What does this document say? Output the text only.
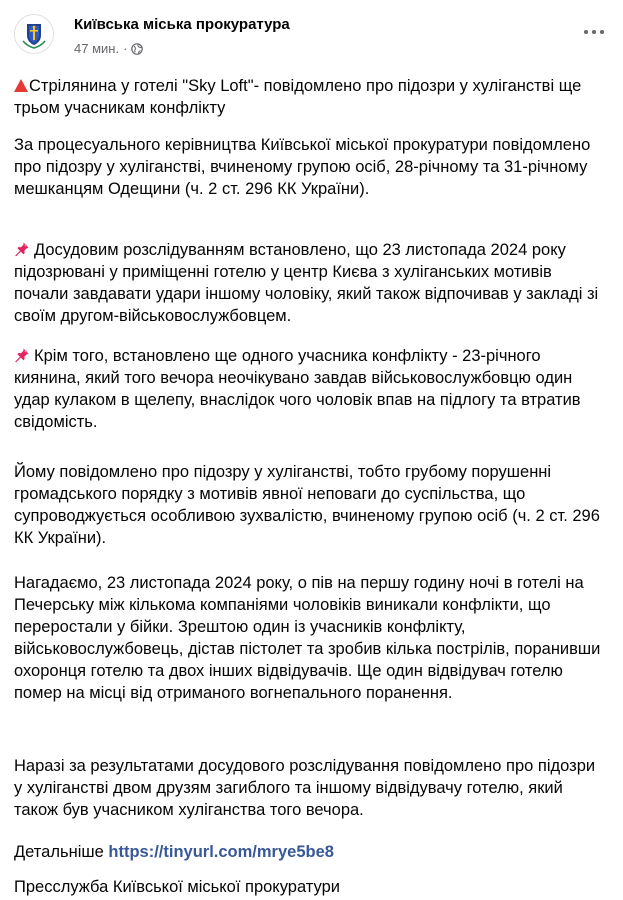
Київська міська прокуратура
47 мин. ·

Стрілянина у готелі "Sky Loft"- повідомлено про підозри у хуліганстві ще трьом учасникам конфлікту

За процесуального керівництва Київської міської прокуратури повідомлено про підозру у хуліганстві, вчиненому групою осіб, 28-річному та 31-річному мешканцям Одещини (ч. 2 ст. 296 КК України).

Досудовим розслідуванням встановлено, що 23 листопада 2024 року підозрювані у приміщенні готелю у центр Києва з хуліганських мотивів почали завдавати удари іншому чоловіку, який також відпочивав у закладі зі своїм другом-військовослужбовцем.

Крім того, встановлено ще одного учасника конфлікту - 23-річного киянина, який того вечора неочікувано завдав військовослужбовцю один удар кулаком в щелепу, внаслідок чого чоловік впав на підлогу та втратив свідомість.

Йому повідомлено про підозру у хуліганстві, тобто грубому порушенні громадського порядку з мотивів явної неповаги до суспільства, що супроводжується особливою зухвалістю, вчиненому групою осіб (ч. 2 ст. 296 КК України).

Нагадаємо, 23 листопада 2024 року, о пів на першу годину ночі в готелі на Печерську між кількома компаніями чоловіків виникали конфлікти, що переростали у бійки. Зрештою один із учасників конфлікту, військовослужбовець, дістав пістолет та зробив кілька пострілів, поранивши охоронця готелю та двох інших відвідувачів. Ще один відвідувач готелю помер на місці від отриманого вогнепального поранення.

Наразі за результатами досудового розслідування повідомлено про підозри у хуліганстві двом друзям загиблого та іншому відвідувачу готелю, який також був учасником хуліганства того вечора.

Детальніше https://tinyurl.com/mrye5be8

Пресслужба Київської міської прокуратури
